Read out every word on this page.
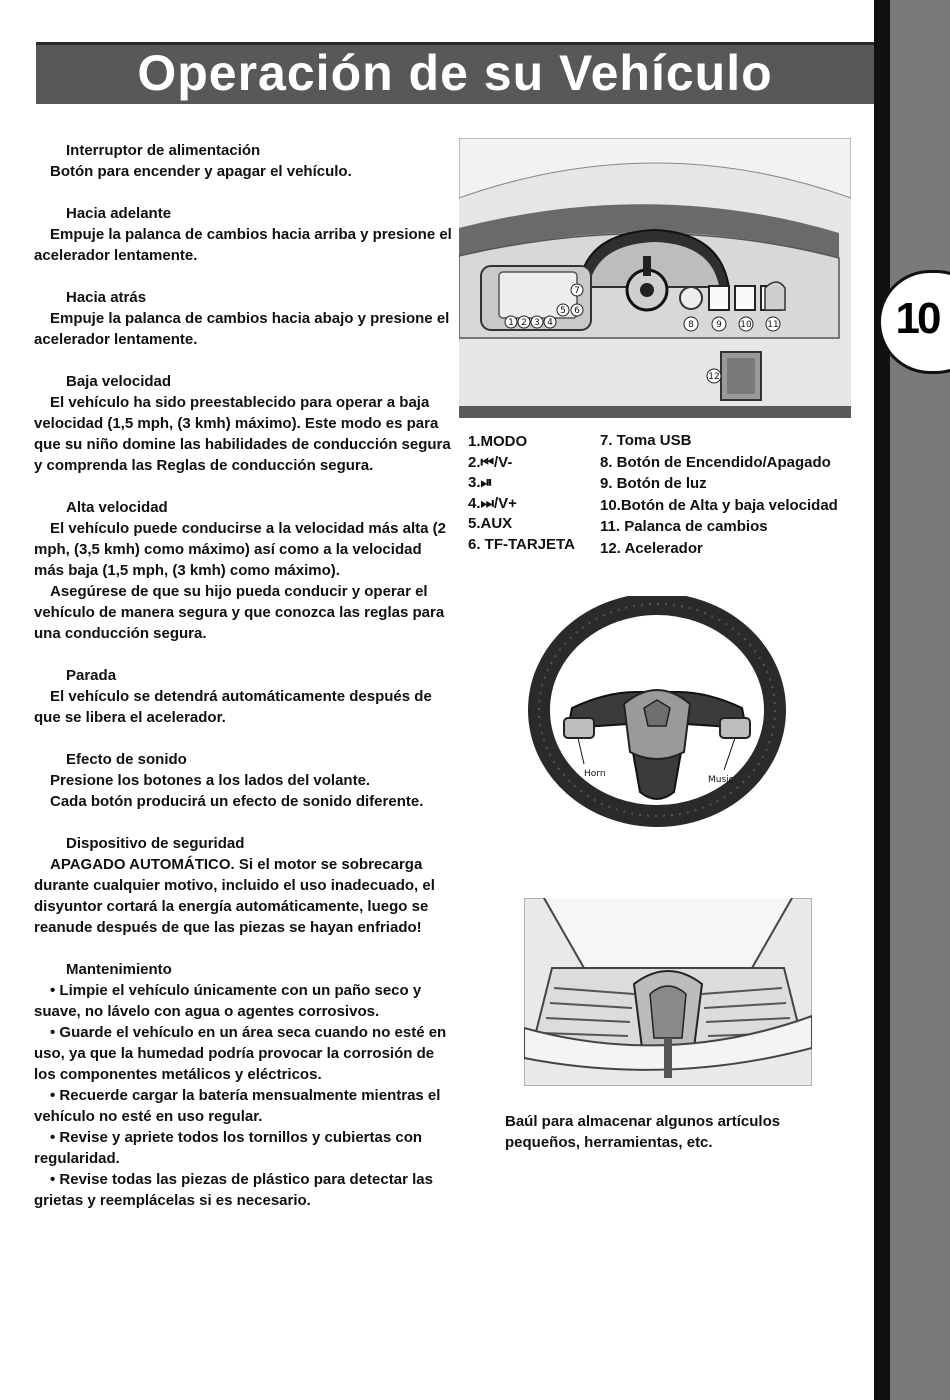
Operación de su Vehículo
10

Interruptor de alimentación

Botón para encender y apagar el vehículo.

Hacia adelante

Empuje la palanca de cambios hacia arriba y presione el acelerador lentamente.

Hacia atrás

Empuje la palanca de cambios hacia abajo y presione el acelerador lentamente.

Baja velocidad

El vehículo ha sido preestablecido para operar a baja velocidad (1,5 mph, (3 kmh) máximo). Este modo es para que su niño domine las habilidades de conducción segura y comprenda las Reglas de conducción segura.

Alta velocidad

El vehículo puede conducirse a la velocidad más alta (2 mph, (3,5 kmh) como máximo) así como a la velocidad más baja (1,5 mph, (3 kmh) como máximo).

Asegúrese de que su hijo pueda conducir y operar el vehículo de manera segura y que conozca las reglas para una conducción segura.

Parada

El vehículo se detendrá automáticamente después de que se libera el acelerador.

Efecto de sonido

Presione los botones a los lados del volante.

Cada botón producirá un efecto de sonido diferente.

Dispositivo de seguridad

APAGADO AUTOMÁTICO. Si el motor se sobrecarga durante cualquier motivo, incluido el uso inadecuado, el disyuntor cortará la energía automáticamente, luego se reanude después de que las piezas se hayan enfriado!

Mantenimiento

• Limpie el vehículo únicamente con un paño seco y suave, no lávelo con agua o agentes corrosivos.

• Guarde el vehículo en un área seca cuando no esté en uso, ya que la humedad podría provocar la corrosión de los componentes metálicos y eléctricos.

• Recuerde cargar la batería mensualmente mientras el vehículo no esté en uso regular.

• Revise y apriete todos los tornillos y cubiertas con regularidad.

• Revise todas las piezas de plástico para detectar las grietas y reemplácelas si es necesario.

1 2 3 4
5 6
7
8 9 10 11
12
1.MODO
2.⏮/V-
3.⏯
4.⏭/V+
5.AUX
6. TF-TARJETA
7. Toma USB
8. Botón de Encendido/Apagado
9. Botón de luz
10.Botón de Alta y baja velocidad
11. Palanca de cambios
12. Acelerador
Horn
Music
Baúl para almacenar algunos artículos pequeños, herramientas, etc.
